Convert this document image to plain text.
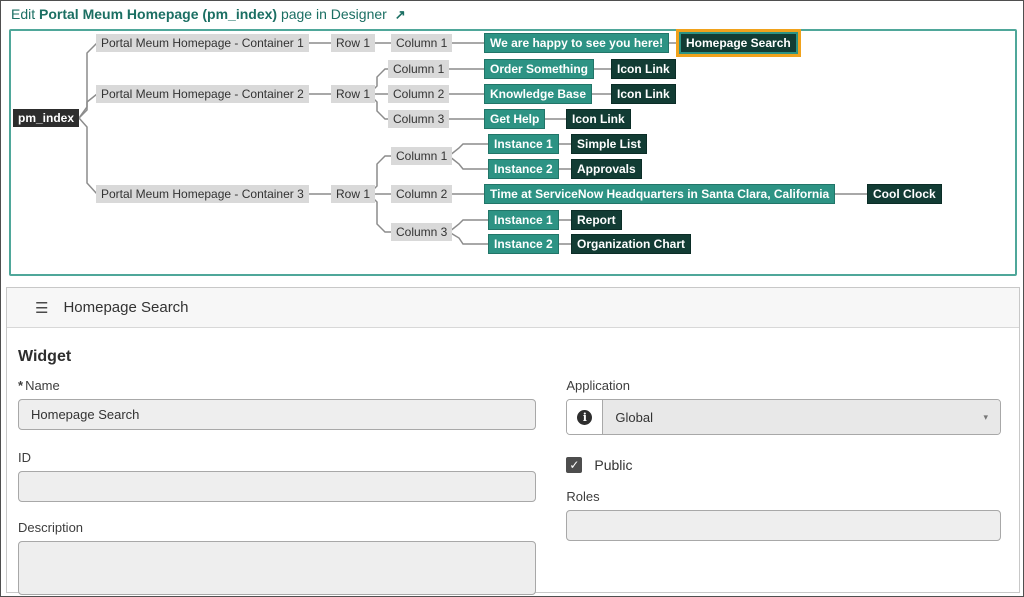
Edit Portal Meum Homepage (pm_index) page in Designer ↗
pm_index
Portal Meum Homepage - Container 1	Row 1	Column 1	We are happy to see you here!	Homepage Search
Portal Meum Homepage - Container 2	Row 1
Column 1	Order Something	Icon Link
Column 2	Knowledge Base	Icon Link
Column 3	Get Help	Icon Link
Portal Meum Homepage - Container 3	Row 1
Column 1
Instance 1	Simple List
Instance 2	Approvals
Column 2	Time at ServiceNow Headquarters in Santa Clara, California	Cool Clock
Column 3
Instance 1	Report
Instance 2	Organization Chart
☰ Homepage Search
Widget
* Name
Homepage Search
ID
Description
Application
i	Global	▾
✓ Public
Roles
